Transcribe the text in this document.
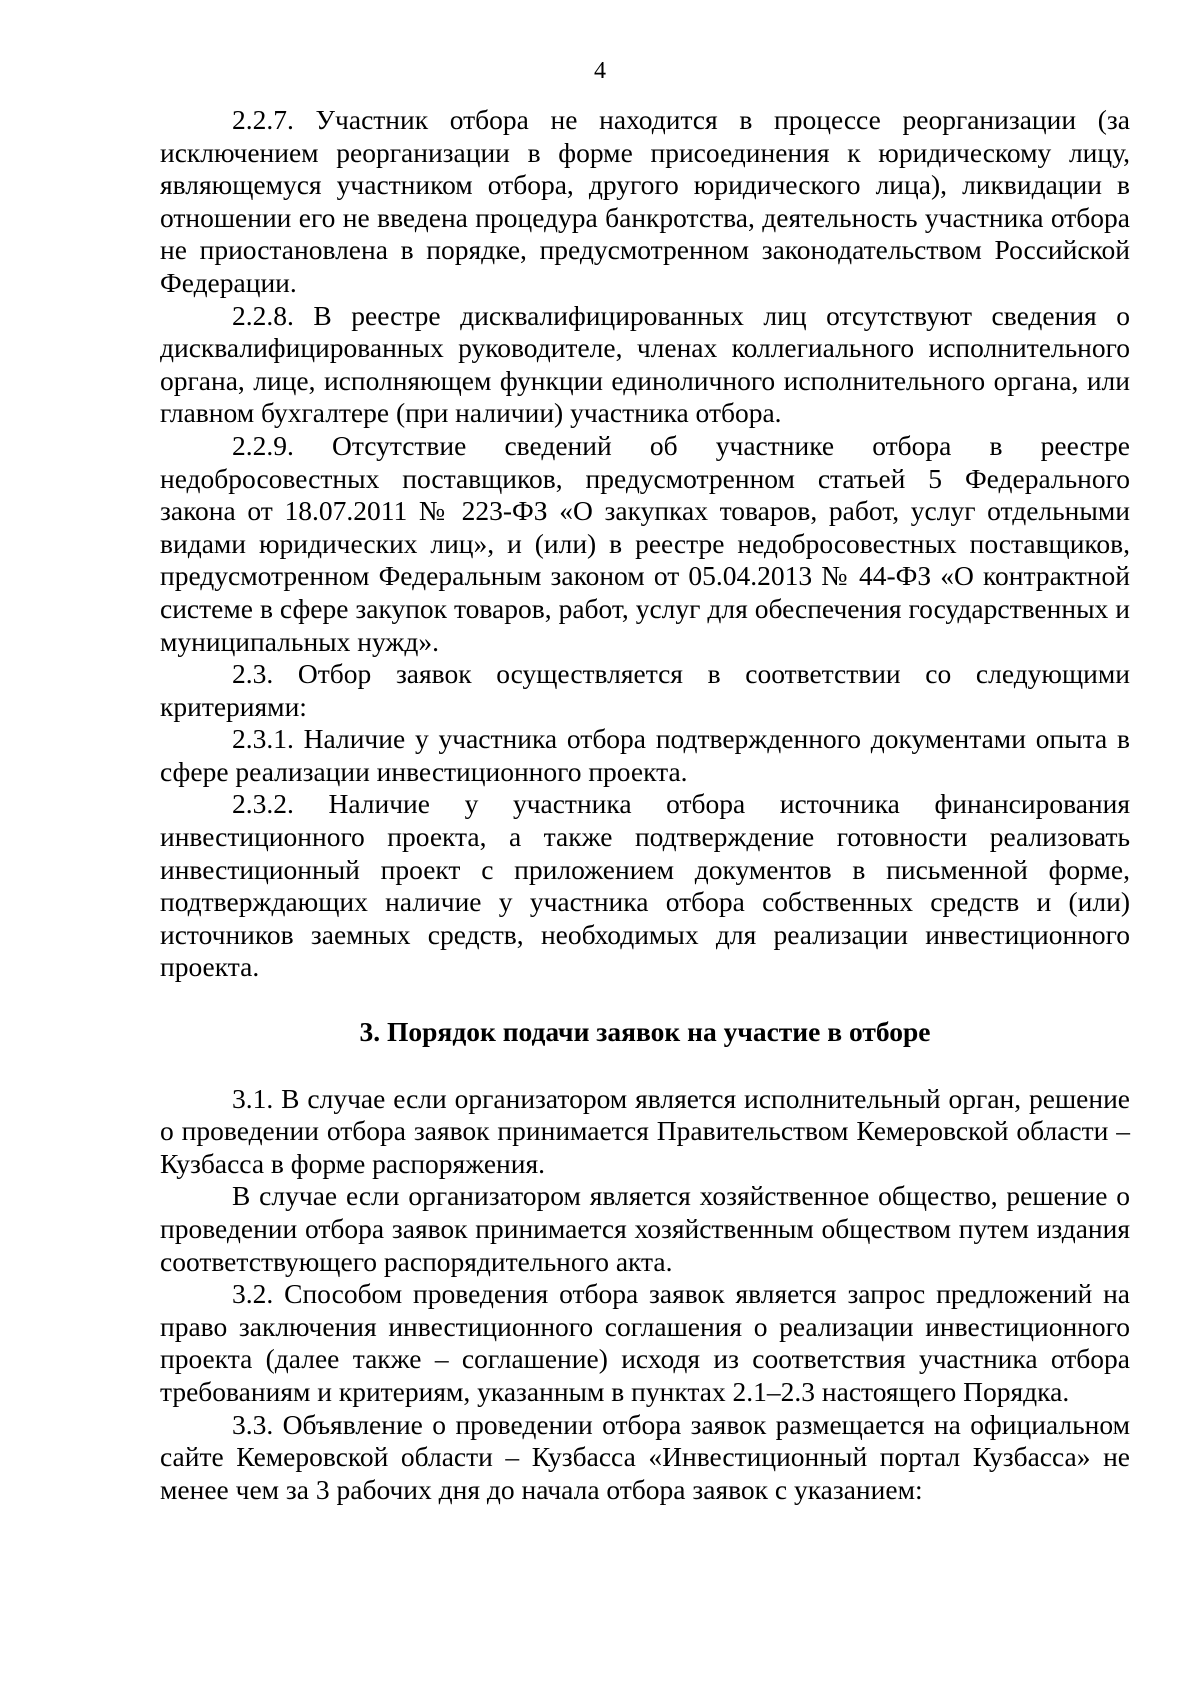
4

2.2.7. Участник отбора не находится в процессе реорганизации (за исключением реорганизации в форме присоединения к юридическому лицу, являющемуся участником отбора, другого юридического лица), ликвидации в отношении его не введена процедура банкротства, деятельность участника отбора не приостановлена в порядке, предусмотренном законодательством Российской Федерации.

2.2.8. В реестре дисквалифицированных лиц отсутствуют сведения о дисквалифицированных руководителе, членах коллегиального исполнительного органа, лице, исполняющем функции единоличного исполнительного органа, или главном бухгалтере (при наличии) участника отбора.

2.2.9. Отсутствие сведений об участнике отбора в реестре недобросовестных поставщиков, предусмотренном статьей 5 Федерального закона от 18.07.2011 № 223-ФЗ «О закупках товаров, работ, услуг отдельными видами юридических лиц», и (или) в реестре недобросовестных поставщиков, предусмотренном Федеральным законом от 05.04.2013 № 44-ФЗ «О контрактной системе в сфере закупок товаров, работ, услуг для обеспечения государственных и муниципальных нужд».

2.3. Отбор заявок осуществляется в соответствии со следующими критериями:

2.3.1. Наличие у участника отбора подтвержденного документами опыта в сфере реализации инвестиционного проекта.

2.3.2. Наличие у участника отбора источника финансирования инвестиционного проекта, а также подтверждение готовности реализовать инвестиционный проект с приложением документов в письменной форме, подтверждающих наличие у участника отбора собственных средств и (или) источников заемных средств, необходимых для реализации инвестиционного проекта.

3. Порядок подачи заявок на участие в отборе

3.1. В случае если организатором является исполнительный орган, решение о проведении отбора заявок принимается Правительством Кемеровской области – Кузбасса в форме распоряжения.

В случае если организатором является хозяйственное общество, решение о проведении отбора заявок принимается хозяйственным обществом путем издания соответствующего распорядительного акта.

3.2. Способом проведения отбора заявок является запрос предложений на право заключения инвестиционного соглашения о реализации инвестиционного проекта (далее также – соглашение) исходя из соответствия участника отбора требованиям и критериям, указанным в пунктах 2.1–2.3 настоящего Порядка.

3.3. Объявление о проведении отбора заявок размещается на официальном сайте Кемеровской области – Кузбасса «Инвестиционный портал Кузбасса» не менее чем за 3 рабочих дня до начала отбора заявок с указанием:
